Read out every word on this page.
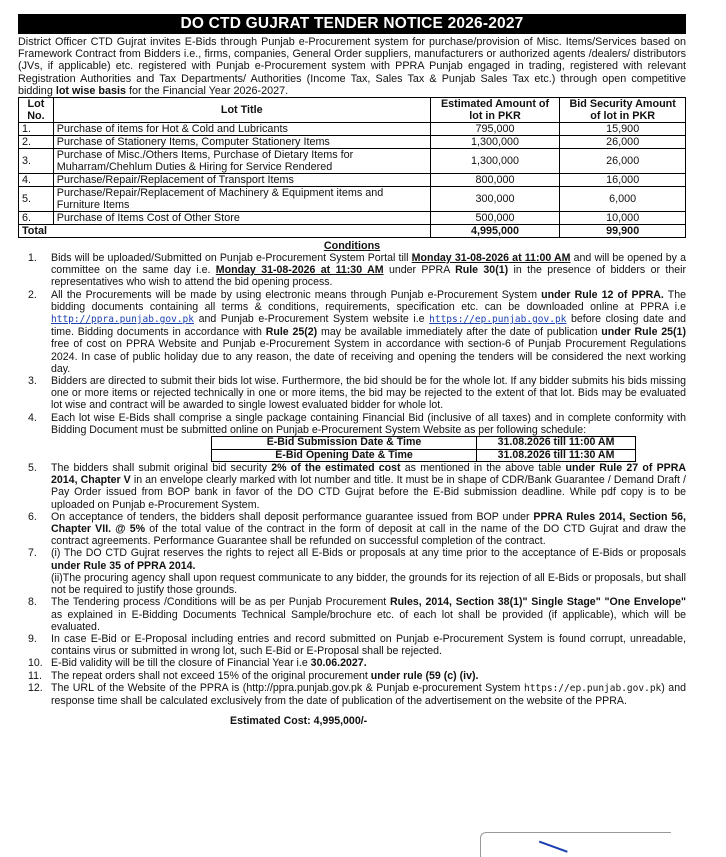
DO CTD GUJRAT TENDER NOTICE 2026-2027
District Officer CTD Gujrat invites E-Bids through Punjab e-Procurement system for purchase/provision of Misc. Items/Services based on Framework Contract from Bidders i.e., firms, companies, General Order suppliers, manufacturers or authorized agents /dealers/ distributors (JVs, if applicable) etc. registered with Punjab e-Procurement system with PPRA Punjab engaged in trading, registered with relevant Registration Authorities and Tax Departments/ Authorities (Income Tax, Sales Tax & Punjab Sales Tax etc.) through open competitive bidding lot wise basis for the Financial Year 2026-2027.
Lot No.	Lot Title	Estimated Amount of lot in PKR	Bid Security Amount of lot in PKR
1.	Purchase of items for Hot & Cold and Lubricants	795,000	15,900
2.	Purchase of Stationery Items, Computer Stationery Items	1,300,000	26,000
3.	Purchase of Misc./Others Items, Purchase of Dietary Items for Muharram/Chehlum Duties & Hiring for Service Rendered	1,300,000	26,000
4.	Purchase/Repair/Replacement of Transport Items	800,000	16,000
5.	Purchase/Repair/Replacement of Machinery & Equipment items and Furniture Items	300,000	6,000
6.	Purchase of Items Cost of Other Store	500,000	10,000
Total		4,995,000	99,900
Conditions
1. Bids will be uploaded/Submitted on Punjab e-Procurement System Portal till Monday 31-08-2026 at 11:00 AM and will be opened by a committee on the same day i.e. Monday 31-08-2026 at 11:30 AM under PPRA Rule 30(1) in the presence of bidders or their representatives who wish to attend the bid opening process.
2. All the Procurements will be made by using electronic means through Punjab e-Procurement System under Rule 12 of PPRA. The bidding documents containing all terms & conditions, requirements, specification etc. can be downloaded online at PPRA i.e http://ppra.punjab.gov.pk and Punjab e-Procurement System website i.e https://ep.punjab.gov.pk before closing date and time. Bidding documents in accordance with Rule 25(2) may be available immediately after the date of publication under Rule 25(1) free of cost on PPRA Website and Punjab e-Procurement System in accordance with section-6 of Punjab Procurement Regulations 2024. In case of public holiday due to any reason, the date of receiving and opening the tenders will be considered the next working day.
3. Bidders are directed to submit their bids lot wise. Furthermore, the bid should be for the whole lot. If any bidder submits his bids missing one or more items or rejected technically in one or more items, the bid may be rejected to the extent of that lot. Bids may be evaluated lot wise and contract will be awarded to single lowest evaluated bidder for whole lot.
4. Each lot wise E-Bids shall comprise a single package containing Financial Bid (inclusive of all taxes) and in complete conformity with Bidding Document must be submitted online on Punjab e-Procurement System Website as per following schedule:
E-Bid Submission Date & Time	31.08.2026 till 11:00 AM
E-Bid Opening Date & Time	31.08.2026 till 11:30 AM
5. The bidders shall submit original bid security 2% of the estimated cost as mentioned in the above table under Rule 27 of PPRA 2014, Chapter V in an envelope clearly marked with lot number and title. It must be in shape of CDR/Bank Guarantee / Demand Draft / Pay Order issued from BOP bank in favor of the DO CTD Gujrat before the E-Bid submission deadline. While pdf copy is to be uploaded on Punjab e-Procurement System.
6. On acceptance of tenders, the bidders shall deposit performance guarantee issued from BOP under PPRA Rules 2014, Section 56, Chapter VII. @ 5% of the total value of the contract in the form of deposit at call in the name of the DO CTD Gujrat and draw the contract agreements. Performance Guarantee shall be refunded on successful completion of the contract.
7. (i) The DO CTD Gujrat reserves the rights to reject all E-Bids or proposals at any time prior to the acceptance of E-Bids or proposals under Rule 35 of PPRA 2014.
(ii)The procuring agency shall upon request communicate to any bidder, the grounds for its rejection of all E-Bids or proposals, but shall not be required to justify those grounds.
8. The Tendering process /Conditions will be as per Punjab Procurement Rules, 2014, Section 38(1)" Single Stage" "One Envelope" as explained in E-Bidding Documents Technical Sample/brochure etc. of each lot shall be provided (if applicable), which will be evaluated.
9. In case E-Bid or E-Proposal including entries and record submitted on Punjab e-Procurement System is found corrupt, unreadable, contains virus or submitted in wrong lot, such E-Bid or E-Proposal shall be rejected.
10. E-Bid validity will be till the closure of Financial Year i.e 30.06.2027.
11. The repeat orders shall not exceed 15% of the original procurement under rule (59 (c) (iv).
12. The URL of the Website of the PPRA is (http://ppra.punjab.gov.pk & Punjab e-procurement System https://ep.punjab.gov.pk) and response time shall be calculated exclusively from the date of publication of the advertisement on the website of the PPRA.
Estimated Cost: 4,995,000/-
